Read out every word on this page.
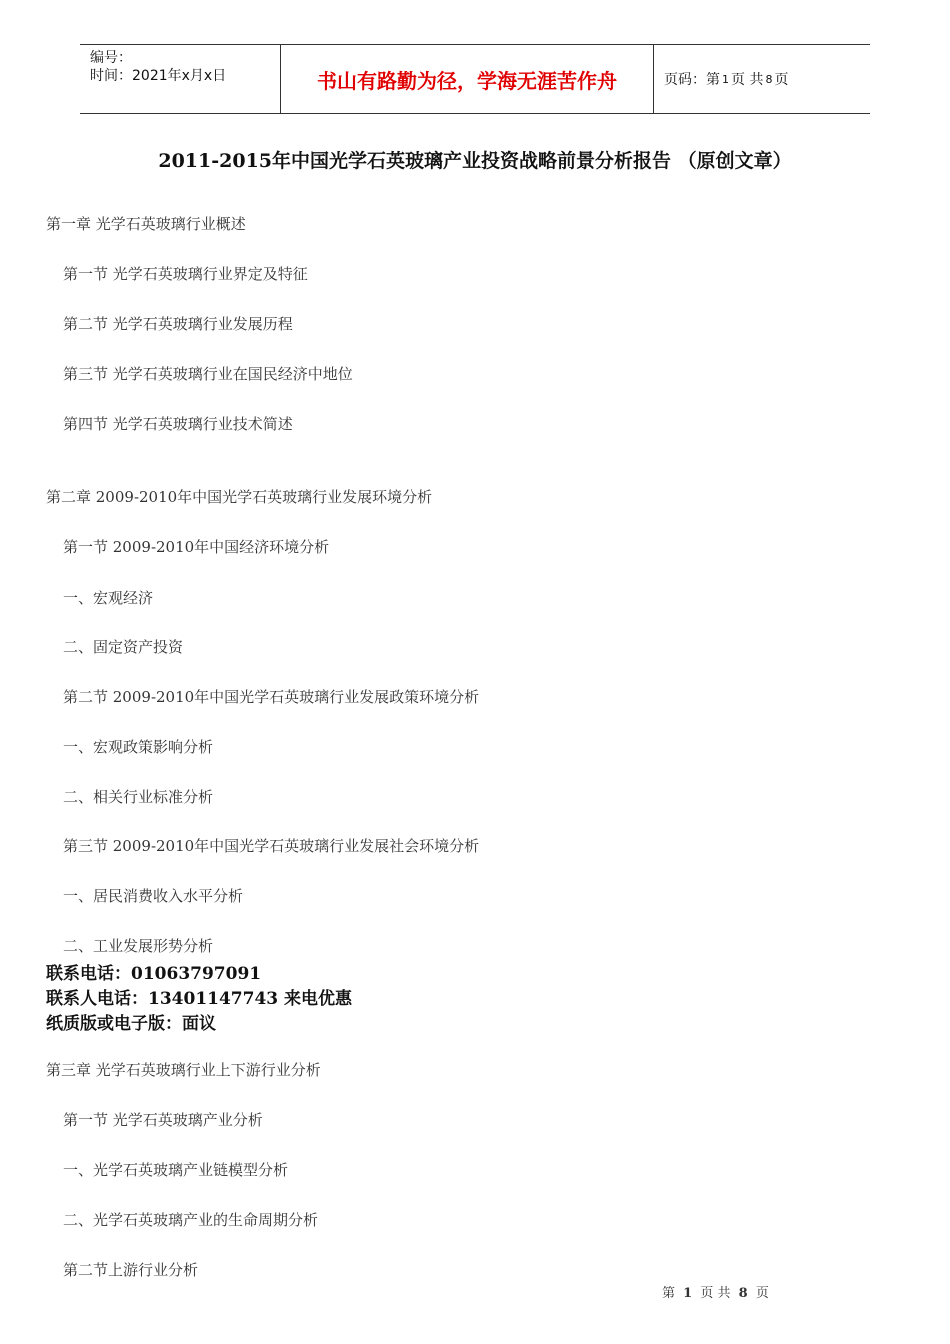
编号：
时间：2021年x月x日	书山有路勤为径，学海无涯苦作舟	页码：第 1 页 共 8 页
2011-2015年中国光学石英玻璃产业投资战略前景分析报告 （原创文章）
第一章 光学石英玻璃行业概述
第一节 光学石英玻璃行业界定及特征
第二节 光学石英玻璃行业发展历程
第三节 光学石英玻璃行业在国民经济中地位
第四节 光学石英玻璃行业技术简述
第二章 2009-2010年中国光学石英玻璃行业发展环境分析
第一节 2009-2010年中国经济环境分析
一、宏观经济
二、固定资产投资
第二节 2009-2010年中国光学石英玻璃行业发展政策环境分析
一、宏观政策影响分析
二、相关行业标准分析
第三节 2009-2010年中国光学石英玻璃行业发展社会环境分析
一、居民消费收入水平分析
二、工业发展形势分析
联系电话：01063797091
联系人电话：13401147743 来电优惠
纸质版或电子版：面议
第三章 光学石英玻璃行业上下游行业分析
第一节 光学石英玻璃产业分析
一、光学石英玻璃产业链模型分析
二、光学石英玻璃产业的生命周期分析
第二节上游行业分析
第 1 页 共 8 页
